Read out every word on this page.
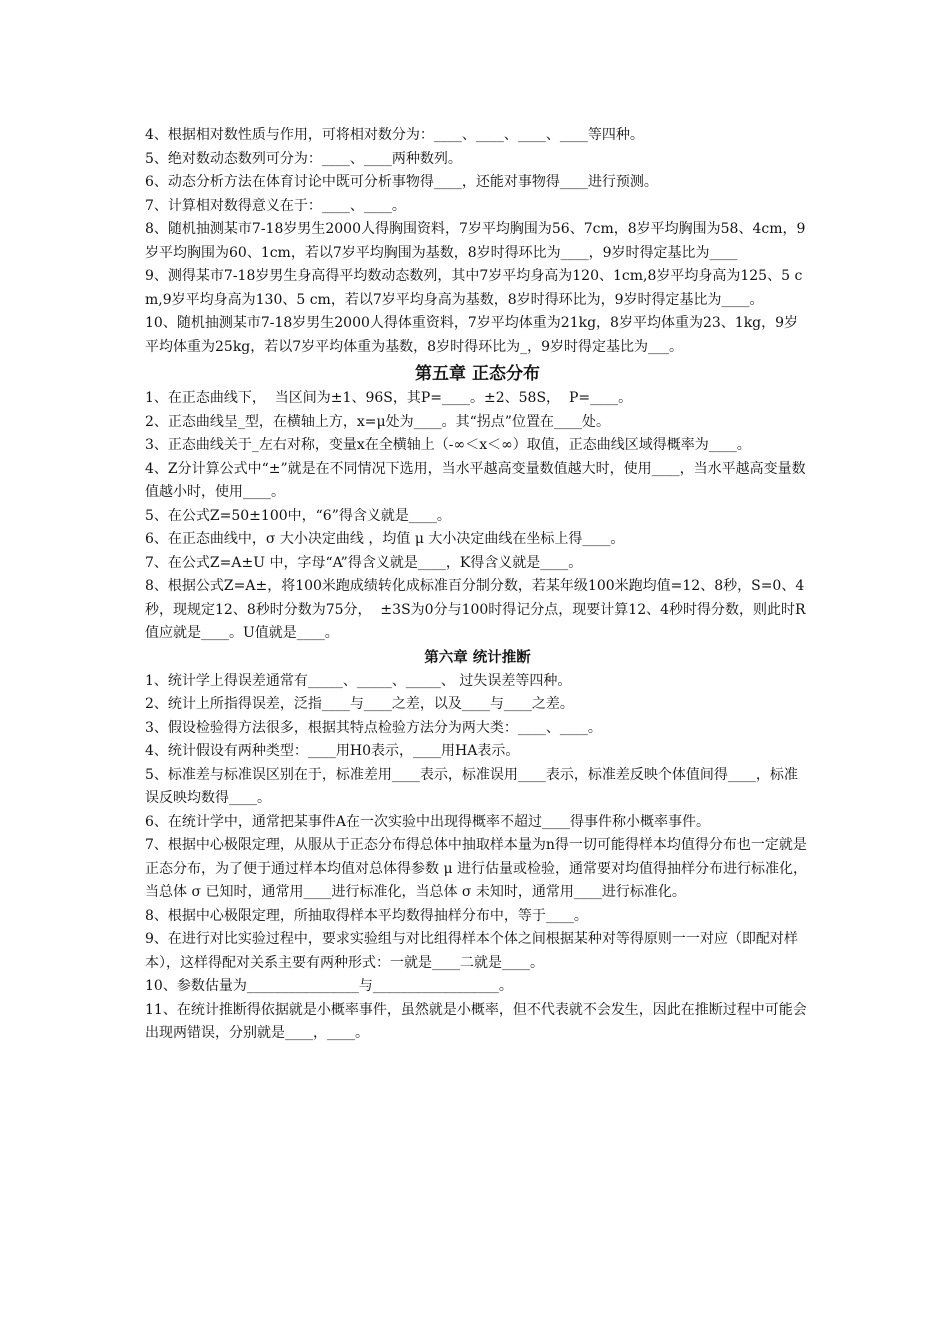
4、根据相对数性质与作用，可将相对数分为：____、____、____、____等四种。

5、绝对数动态数列可分为：____、____两种数列。

6、动态分析方法在体育讨论中既可分析事物得____，还能对事物得____进行预测。

7、计算相对数得意义在于：____、____。

8、随机抽测某市7-18岁男生2000人得胸围资料，7岁平均胸围为56、7cm，8岁平均胸围为58、4cm，9岁平均胸围为60、1cm，若以7岁平均胸围为基数，8岁时得环比为____，9岁时得定基比为____

9、测得某市7-18岁男生身高得平均数动态数列，其中7岁平均身高为120、1cm,8岁平均身高为125、5 cm,9岁平均身高为130、5 cm，若以7岁平均身高为基数，8岁时得环比为，9岁时得定基比为____。

10、随机抽测某市7-18岁男生2000人得体重资料，7岁平均体重为21kg，8岁平均体重为23、1kg，9岁平均体重为25kg，若以7岁平均体重为基数，8岁时得环比为_，9岁时得定基比为___。

第五章 正态分布

1、在正态曲线下，  当区间为±1、96S，其P=____。±2、58S，  P=____。

2、正态曲线呈_型，在横轴上方，x=μ处为____。其“拐点”位置在____处。

3、正态曲线关于_左右对称，变量x在全横轴上（-∞＜x＜∞）取值，正态曲线区域得概率为____。

4、Z分计算公式中“±”就是在不同情况下选用，当水平越高变量数值越大时，使用____，当水平越高变量数值越小时，使用____。

5、在公式Z=50±100中，“6”得含义就是____。

6、在正态曲线中，σ 大小决定曲线 ，均值 μ 大小决定曲线在坐标上得____。

7、在公式Z=A±U 中，字母“A”得含义就是____，K得含义就是____。

8、根据公式Z=A±，将100米跑成绩转化成标准百分制分数，若某年级100米跑均值=12、8秒，S=0、4秒，现规定12、8秒时分数为75分，  ±3S为0分与100时得记分点，现要计算12、4秒时得分数，则此时R值应就是____。U值就是____。

第六章 统计推断

1、统计学上得误差通常有_____、_____、_____、 过失误差等四种。

2、统计上所指得误差，泛指____与____之差，以及____与____之差。

3、假设检验得方法很多，根据其特点检验方法分为两大类：____、____。

4、统计假设有两种类型：____用H0表示，____用HA表示。

5、标准差与标准误区别在于，标准差用____表示，标准误用____表示，标准差反映个体值间得____，标准误反映均数得____。

6、在统计学中，通常把某事件A在一次实验中出现得概率不超过____得事件称小概率事件。

7、根据中心极限定理，从服从于正态分布得总体中抽取样本量为n得一切可能得样本均值得分布也一定就是正态分布，为了便于通过样本均值对总体得参数 μ 进行估量或检验，通常要对均值得抽样分布进行标准化，当总体 σ 已知时，通常用____进行标准化，当总体 σ 未知时，通常用____进行标准化。

8、根据中心极限定理，所抽取得样本平均数得抽样分布中，等于____。

9、在进行对比实验过程中，要求实验组与对比组得样本个体之间根据某种对等得原则一一对应（即配对样本），这样得配对关系主要有两种形式：一就是____二就是____。

10、参数估量为________________与__________________。

11、在统计推断得依据就是小概率事件，虽然就是小概率，但不代表就不会发生，因此在推断过程中可能会出现两错误，分别就是____，____。
